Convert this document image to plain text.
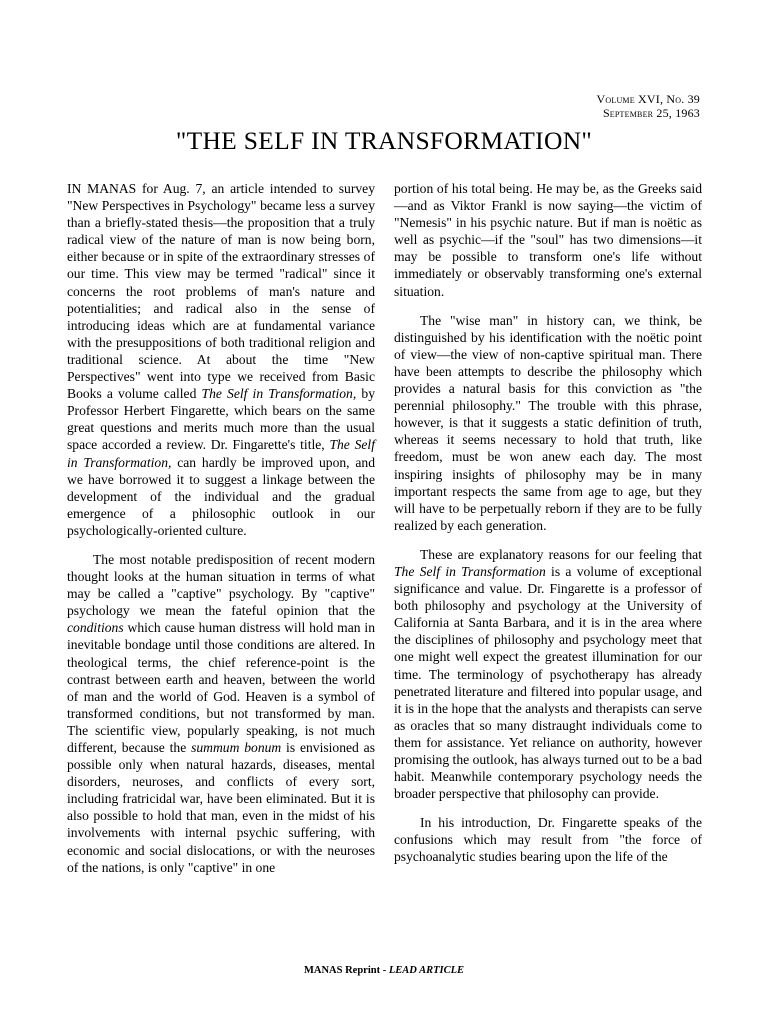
Volume XVI, No. 39
September 25, 1963
"THE SELF IN TRANSFORMATION"

IN MANAS for Aug. 7, an article intended to survey "New Perspectives in Psychology" became less a survey than a briefly-stated thesis—the proposition that a truly radical view of the nature of man is now being born, either because or in spite of the extraordinary stresses of our time. This view may be termed "radical" since it concerns the root problems of man's nature and potentialities; and radical also in the sense of introducing ideas which are at fundamental variance with the presuppositions of both traditional religion and traditional science. At about the time "New Perspectives" went into type we received from Basic Books a volume called The Self in Transformation, by Professor Herbert Fingarette, which bears on the same great questions and merits much more than the usual space accorded a review. Dr. Fingarette's title, The Self in Transformation, can hardly be improved upon, and we have borrowed it to suggest a linkage between the development of the individual and the gradual emergence of a philosophic outlook in our psychologically-oriented culture.

The most notable predisposition of recent modern thought looks at the human situation in terms of what may be called a "captive" psychology. By "captive" psychology we mean the fateful opinion that the conditions which cause human distress will hold man in inevitable bondage until those conditions are altered. In theological terms, the chief reference-point is the contrast between earth and heaven, between the world of man and the world of God. Heaven is a symbol of transformed conditions, but not transformed by man. The scientific view, popularly speaking, is not much different, because the summum bonum is envisioned as possible only when natural hazards, diseases, mental disorders, neuroses, and conflicts of every sort, including fratricidal war, have been eliminated. But it is also possible to hold that man, even in the midst of his involvements with internal psychic suffering, with economic and social dislocations, or with the neuroses of the nations, is only "captive" in one

portion of his total being. He may be, as the Greeks said—and as Viktor Frankl is now saying—the victim of "Nemesis" in his psychic nature. But if man is noëtic as well as psychic—if the "soul" has two dimensions—it may be possible to transform one's life without immediately or observably transforming one's external situation.

The "wise man" in history can, we think, be distinguished by his identification with the noëtic point of view—the view of non-captive spiritual man. There have been attempts to describe the philosophy which provides a natural basis for this conviction as "the perennial philosophy." The trouble with this phrase, however, is that it suggests a static definition of truth, whereas it seems necessary to hold that truth, like freedom, must be won anew each day. The most inspiring insights of philosophy may be in many important respects the same from age to age, but they will have to be perpetually reborn if they are to be fully realized by each generation.

These are explanatory reasons for our feeling that The Self in Transformation is a volume of exceptional significance and value. Dr. Fingarette is a professor of both philosophy and psychology at the University of California at Santa Barbara, and it is in the area where the disciplines of philosophy and psychology meet that one might well expect the greatest illumination for our time. The terminology of psychotherapy has already penetrated literature and filtered into popular usage, and it is in the hope that the analysts and therapists can serve as oracles that so many distraught individuals come to them for assistance. Yet reliance on authority, however promising the outlook, has always turned out to be a bad habit. Meanwhile contemporary psychology needs the broader perspective that philosophy can provide.

In his introduction, Dr. Fingarette speaks of the confusions which may result from "the force of psychoanalytic studies bearing upon the life of the

MANAS Reprint - LEAD ARTICLE
